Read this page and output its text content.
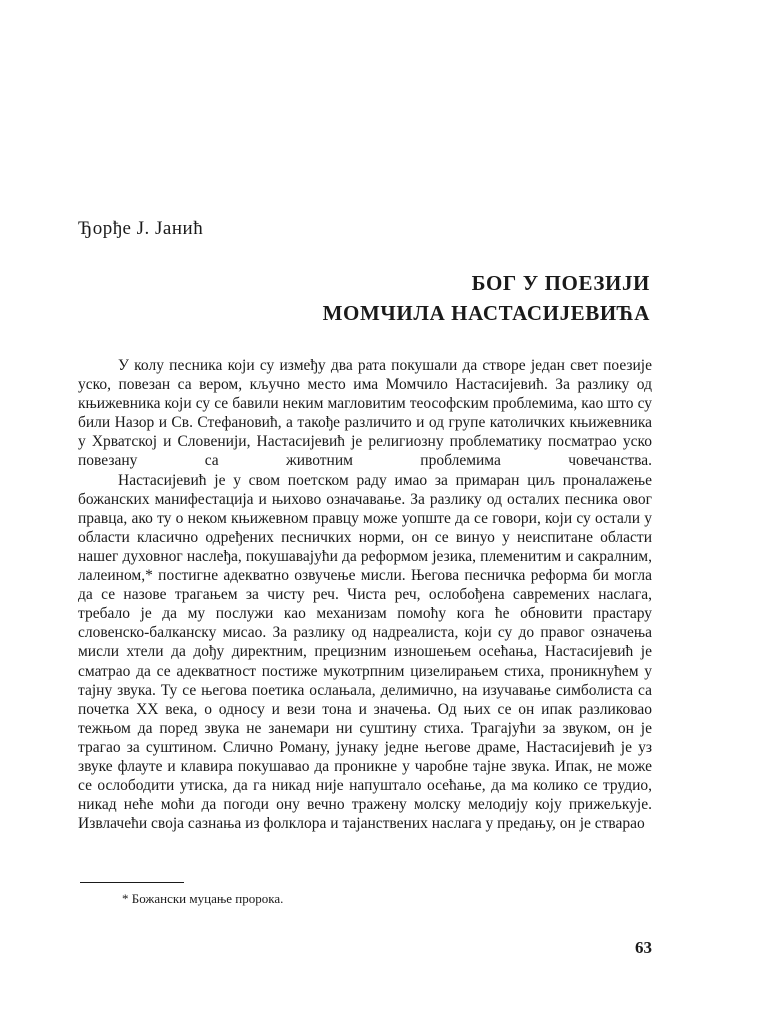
Ђорђе Ј. Јанић
БОГ У ПОЕЗИЈИ
МОМЧИЛА НАСТАСИЈЕВИЋА

У колу песника који су између два рата покушали да створе један свет поезије уско, повезан са вером, кључно место има Момчило Настасијевић. За разлику од књижевника који су се бавили неким магловитим теософским проблемима, као што су били Назор и Св. Стефановић, а такође различито и од групе католичких књижевника у Хрватској и Словенији, Настасијевић је религиозну проблематику посматрао уско повезану са животним проблемима човечанства.

Настасијевић је у свом поетском раду имао за примаран циљ проналажење божанских манифестација и њихово означавање. За разлику од осталих песника овог правца, ако ту о неком књижевном правцу може уопште да се говори, који су остали у области класично одређених песничких норми, он се винуо у неиспитане области нашег духовног наслеђа, покушавајући да реформом језика, племенитим и сакралним, лалеином,* постигне адекватно озвучење мисли. Његова песничка реформа би могла да се назове трагањем за чисту реч. Чиста реч, ослобођена савремених наслага, требало је да му послужи као механизам помоћу кога ће обновити прастару словенско-балканску мисао. За разлику од надреалиста, који су до правог означења мисли хтели да дођу директним, прецизним изношењем осећања, Настасијевић је сматрао да се адекватност постиже мукотрпним цизелирањем стиха, проникнућем у тајну звука. Ту се његова поетика ослањала, делимично, на изучавање симболиста са почетка XX века, о односу и вези тона и значења. Од њих се он ипак разликовао тежњом да поред звука не занемари ни суштину стиха. Трагајући за звуком, он је трагао за суштином. Слично Роману, јунаку једне његове драме, Настасијевић је уз звуке флауте и клавира покушавао да проникне у чаробне тајне звука. Ипак, не може се ослободити утиска, да га никад није напуштало осећање, да ма колико се трудио, никад неће моћи да погоди ону вечно тражену молску мелодију коју прижељкује. Извлачећи своја сазнања из фолклора и тајанствених наслага у предању, он је стварао

* Божански муцање пророка.
63
